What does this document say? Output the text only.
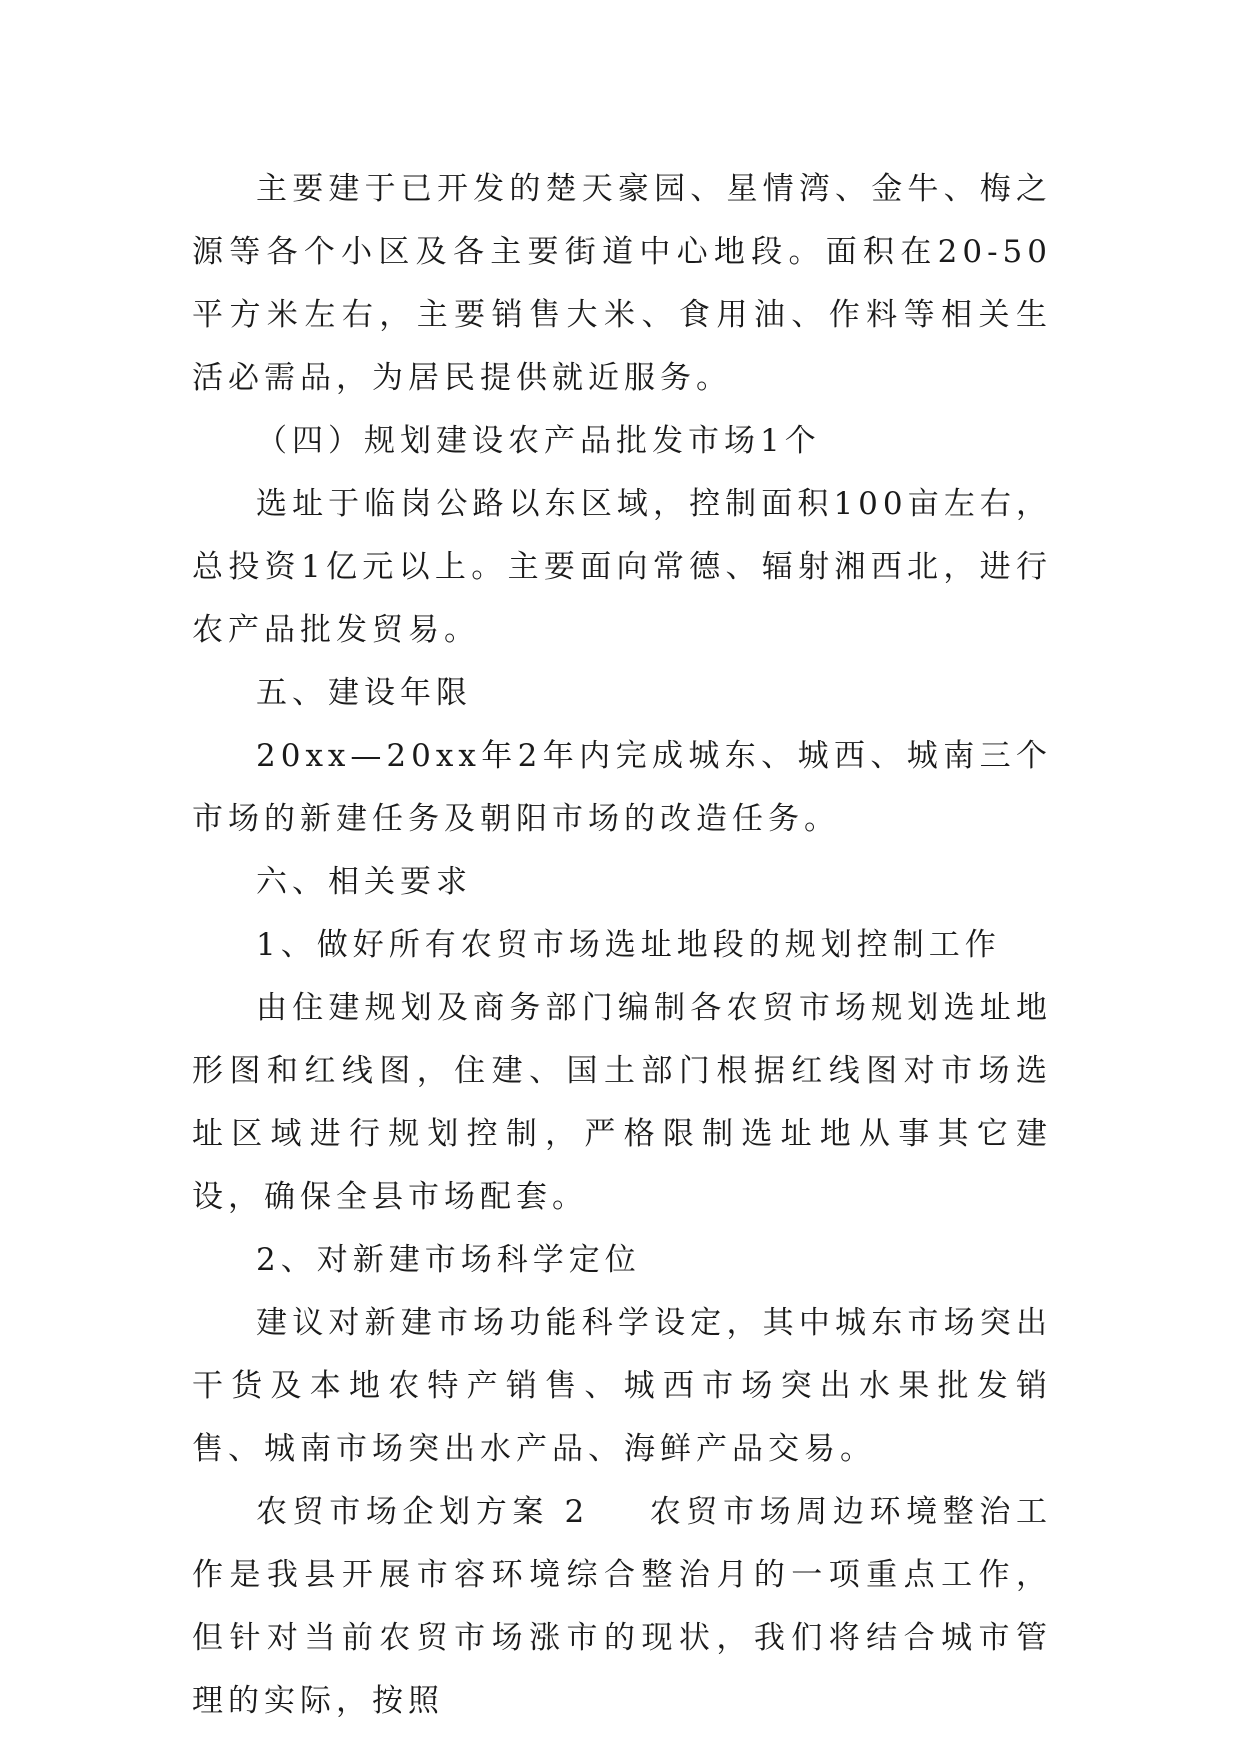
主要建于已开发的楚天豪园、星情湾、金牛、梅之源等各个小区及各主要街道中心地段。面积在20-50平方米左右，主要销售大米、食用油、作料等相关生活必需品，为居民提供就近服务。

（四）规划建设农产品批发市场1个

选址于临岗公路以东区域，控制面积100亩左右，总投资1亿元以上。主要面向常德、辐射湘西北，进行农产品批发贸易。

五、建设年限

20xx—20xx年2年内完成城东、城西、城南三个市场的新建任务及朝阳市场的改造任务。

六、相关要求

1、做好所有农贸市场选址地段的规划控制工作

由住建规划及商务部门编制各农贸市场规划选址地形图和红线图，住建、国土部门根据红线图对市场选址区域进行规划控制，严格限制选址地从事其它建设，确保全县市场配套。

2、对新建市场科学定位

建议对新建市场功能科学设定，其中城东市场突出干货及本地农特产销售、城西市场突出水果批发销售、城南市场突出水产品、海鲜产品交易。

农贸市场企划方案 2 农贸市场周边环境整治工作是我县开展市容环境综合整治月的一项重点工作，但针对当前农贸市场涨市的现状，我们将结合城市管理的实际，按照
